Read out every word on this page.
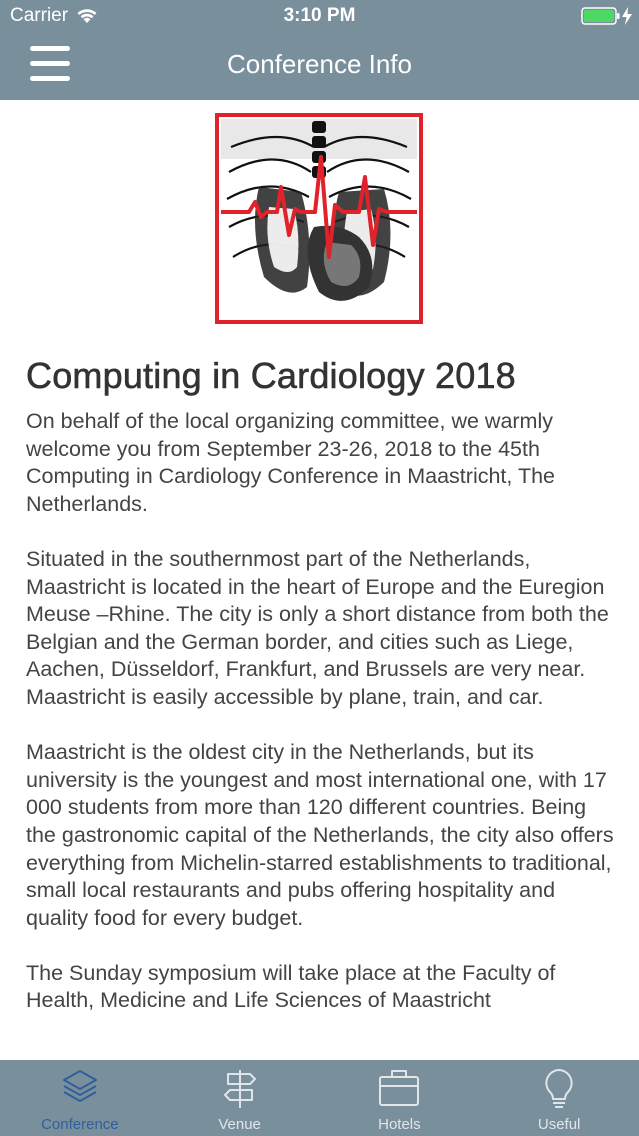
Carrier	3:10 PM
Conference Info
Computing in Cardiology 2018

On behalf of the local organizing committee, we warmly welcome you from September 23-26, 2018 to the 45th Computing in Cardiology Conference in Maastricht, The Netherlands.

Situated in the southernmost part of the Netherlands, Maastricht is located in the heart of Europe and the Euregion Meuse –Rhine. The city is only a short distance from both the Belgian and the German border, and cities such as Liege, Aachen, Düsseldorf, Frankfurt, and Brussels are very near. Maastricht is easily accessible by plane, train, and car.

Maastricht is the oldest city in the Netherlands, but its university is the youngest and most international one, with 17 000 students from more than 120 different countries. Being the gastronomic capital of the Netherlands, the city also offers everything from Michelin-starred establishments to traditional, small local restaurants and pubs offering hospitality and quality food for every budget.

The Sunday symposium will take place at the Faculty of Health, Medicine and Life Sciences of Maastricht

Conference	Venue	Hotels	Useful
